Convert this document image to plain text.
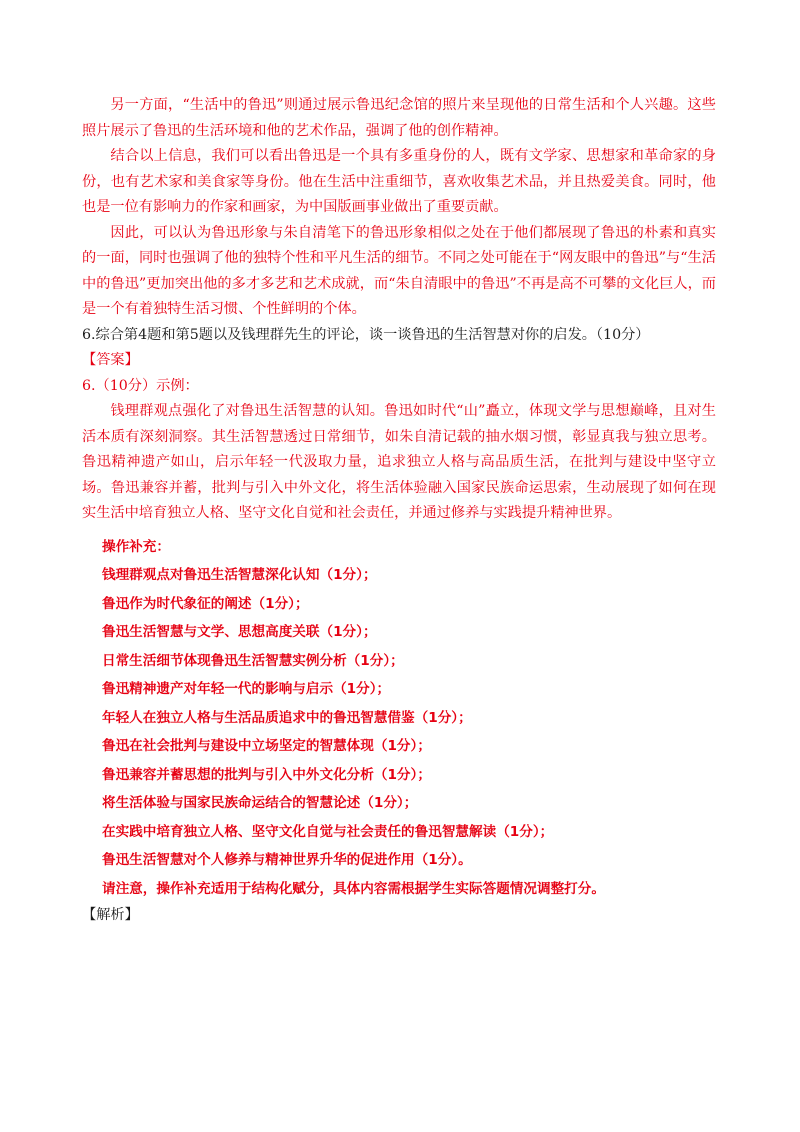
另一方面，“生活中的鲁迅”则通过展示鲁迅纪念馆的照片来呈现他的日常生活和个人兴趣。这些照片展示了鲁迅的生活环境和他的艺术作品，强调了他的创作精神。

结合以上信息，我们可以看出鲁迅是一个具有多重身份的人，既有文学家、思想家和革命家的身份，也有艺术家和美食家等身份。他在生活中注重细节，喜欢收集艺术品，并且热爱美食。同时，他也是一位有影响力的作家和画家，为中国版画事业做出了重要贡献。

因此，可以认为鲁迅形象与朱自清笔下的鲁迅形象相似之处在于他们都展现了鲁迅的朴素和真实的一面，同时也强调了他的独特个性和平凡生活的细节。不同之处可能在于“网友眼中的鲁迅”与“生活中的鲁迅”更加突出他的多才多艺和艺术成就，而“朱自清眼中的鲁迅”不再是高不可攀的文化巨人，而是一个有着独特生活习惯、个性鲜明的个体。

6.综合第4题和第5题以及钱理群先生的评论，谈一谈鲁迅的生活智慧对你的启发。（10分）

【答案】

6.（10分）示例：

钱理群观点强化了对鲁迅生活智慧的认知。鲁迅如时代“山”矗立，体现文学与思想巅峰，且对生活本质有深刻洞察。其生活智慧透过日常细节，如朱自清记载的抽水烟习惯，彰显真我与独立思考。鲁迅精神遗产如山，启示年轻一代汲取力量，追求独立人格与高品质生活，在批判与建设中坚守立场。鲁迅兼容并蓄，批判与引入中外文化，将生活体验融入国家民族命运思索，生动展现了如何在现实生活中培育独立人格、坚守文化自觉和社会责任，并通过修养与实践提升精神世界。

操作补充：
钱理群观点对鲁迅生活智慧深化认知（1分）；
鲁迅作为时代象征的阐述（1分）；
鲁迅生活智慧与文学、思想高度关联（1分）；
日常生活细节体现鲁迅生活智慧实例分析（1分）；
鲁迅精神遗产对年轻一代的影响与启示（1分）；
年轻人在独立人格与生活品质追求中的鲁迅智慧借鉴（1分）；
鲁迅在社会批判与建设中立场坚定的智慧体现（1分）；
鲁迅兼容并蓄思想的批判与引入中外文化分析（1分）；
将生活体验与国家民族命运结合的智慧论述（1分）；
在实践中培育独立人格、坚守文化自觉与社会责任的鲁迅智慧解读（1分）；
鲁迅生活智慧对个人修养与精神世界升华的促进作用（1分）。
请注意，操作补充适用于结构化赋分，具体内容需根据学生实际答题情况调整打分。

【解析】
